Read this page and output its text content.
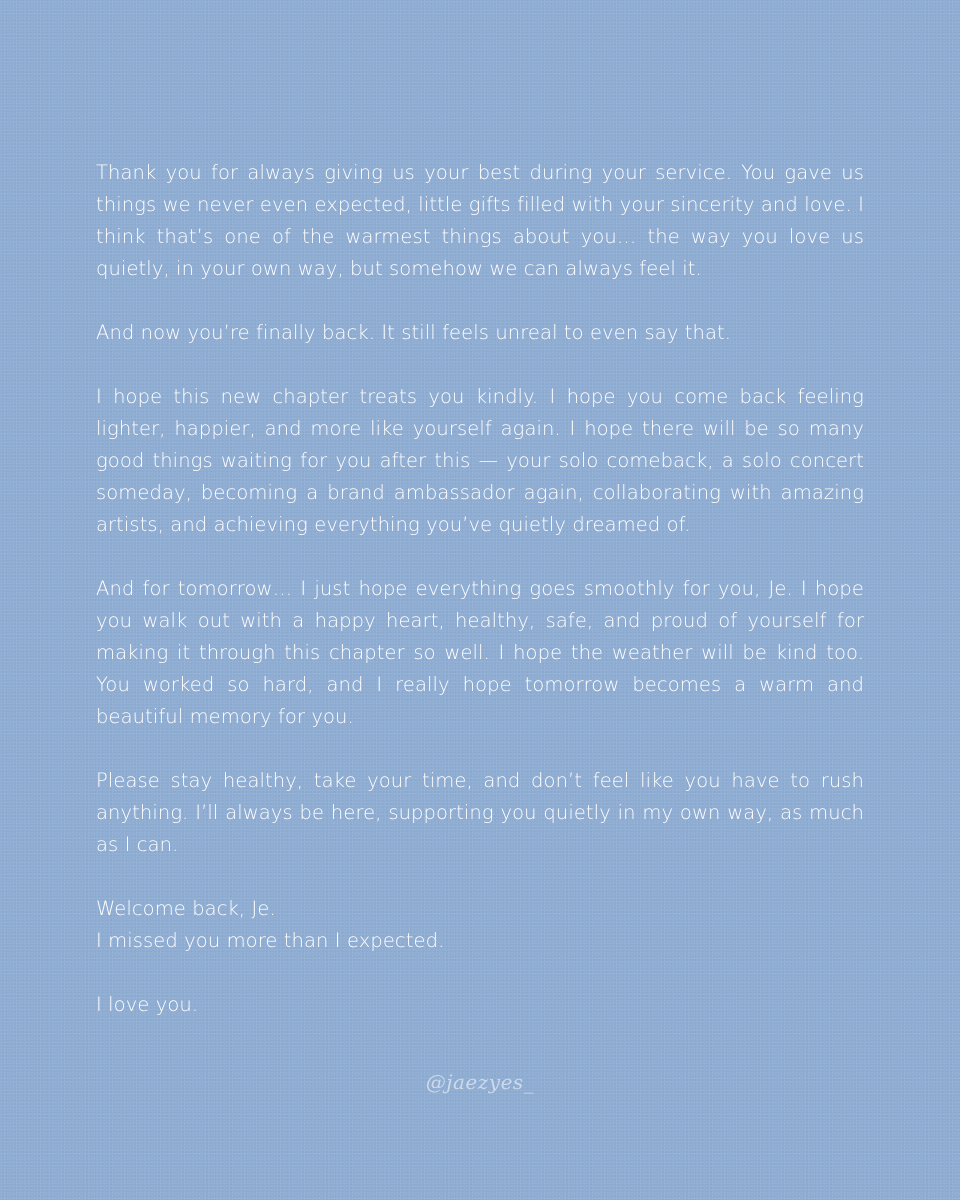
Thank you for always giving us your best during your service. You gave us things we never even expected, little gifts filled with your sincerity and love. I think that’s one of the warmest things about you… the way you love us quietly, in your own way, but somehow we can always feel it.

And now you’re finally back. It still feels unreal to even say that.

I hope this new chapter treats you kindly. I hope you come back feeling lighter, happier, and more like yourself again. I hope there will be so many good things waiting for you after this — your solo comeback, a solo concert someday, becoming a brand ambassador again, collaborating with amazing artists, and achieving everything you’ve quietly dreamed of.

And for tomorrow… I just hope everything goes smoothly for you, Je. I hope you walk out with a happy heart, healthy, safe, and proud of yourself for making it through this chapter so well. I hope the weather will be kind too. You worked so hard, and I really hope tomorrow becomes a warm and beautiful memory for you.

Please stay healthy, take your time, and don’t feel like you have to rush anything. I’ll always be here, supporting you quietly in my own way, as much as I can.

Welcome back, Je.
I missed you more than I expected.

I love you.

@jaezyes_
